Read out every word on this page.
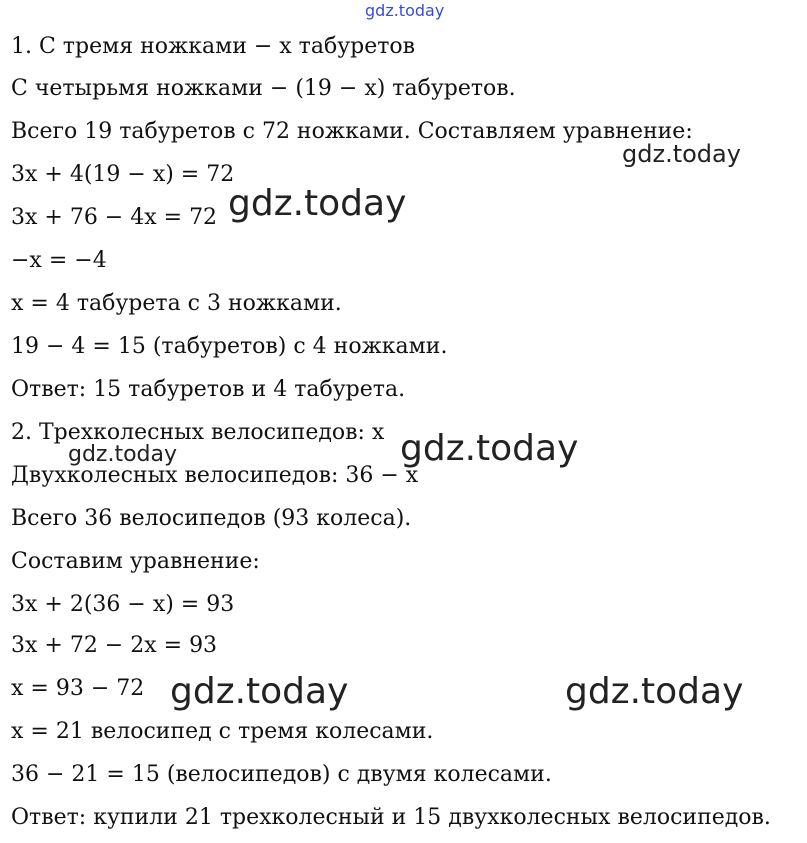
1. С тремя ножками − x табуретов
С четырьмя ножками − (19 − x) табуретов.
Всего 19 табуретов с 72 ножками. Составляем уравнение:
3x + 4(19 − x) = 72
3x + 76 − 4x = 72
−x = −4
x = 4 табурета с 3 ножками.
19 − 4 = 15 (табуретов) с 4 ножками.
Ответ: 15 табуретов и 4 табурета.
2. Трехколесных велосипедов: x
Двухколесных велосипедов: 36 − x
Всего 36 велосипедов (93 колеса).
Составим уравнение:
3x + 2(36 − x) = 93
3x + 72 − 2x = 93
x = 93 − 72
x = 21 велосипед с тремя колесами.
36 − 21 = 15 (велосипедов) с двумя колесами.
Ответ: купили 21 трехколесный и 15 двухколесных велосипедов.
gdz.today
gdz.today
gdz.today
gdz.today
gdz.today
gdz.today	gdz.today
